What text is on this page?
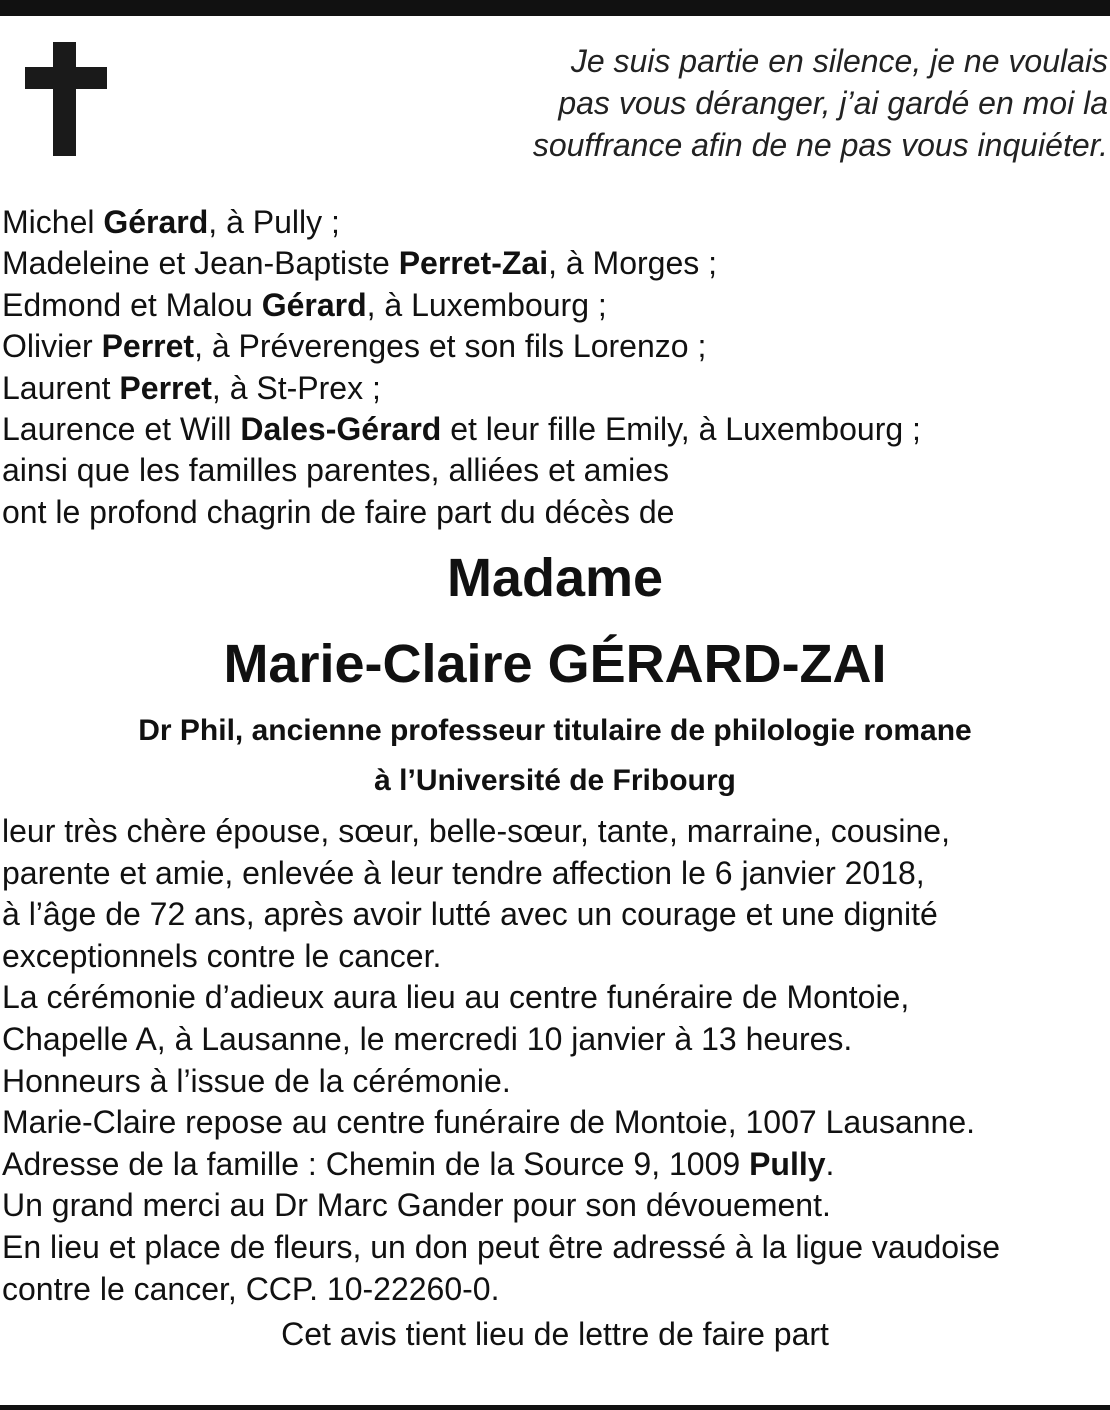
Je suis partie en silence, je ne voulais
pas vous déranger, j’ai gardé en moi la
souffrance afin de ne pas vous inquiéter.
Michel Gérard, à Pully ;
Madeleine et Jean-Baptiste Perret-Zai, à Morges ;
Edmond et Malou Gérard, à Luxembourg ;
Olivier Perret, à Préverenges et son fils Lorenzo ;
Laurent Perret, à St-Prex ;
Laurence et Will Dales-Gérard et leur fille Emily, à Luxembourg ;
ainsi que les familles parentes, alliées et amies
ont le profond chagrin de faire part du décès de
Madame
Marie-Claire GÉRARD-ZAI
Dr Phil, ancienne professeur titulaire de philologie romane
à l’Université de Fribourg
leur très chère épouse, sœur, belle-sœur, tante, marraine, cousine,
parente et amie, enlevée à leur tendre affection le 6 janvier 2018,
à l’âge de 72 ans, après avoir lutté avec un courage et une dignité
exceptionnels contre le cancer.
La cérémonie d’adieux aura lieu au centre funéraire de Montoie,
Chapelle A, à Lausanne, le mercredi 10 janvier à 13 heures.
Honneurs à l’issue de la cérémonie.
Marie-Claire repose au centre funéraire de Montoie, 1007 Lausanne.
Adresse de la famille : Chemin de la Source 9, 1009 Pully.
Un grand merci au Dr Marc Gander pour son dévouement.
En lieu et place de fleurs, un don peut être adressé à la ligue vaudoise
contre le cancer, CCP. 10-22260-0.
Cet avis tient lieu de lettre de faire part
